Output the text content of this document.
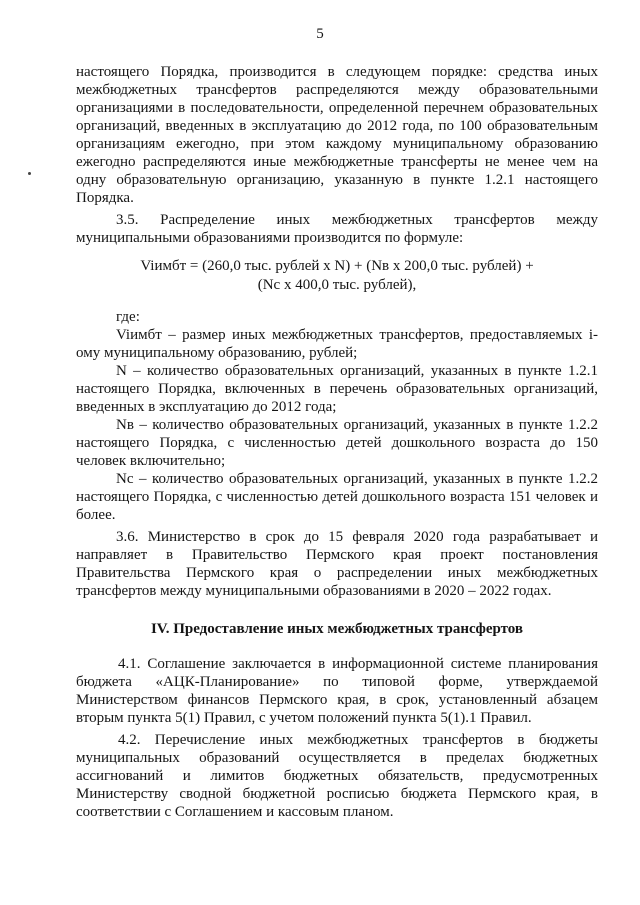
5

настоящего Порядка, производится в следующем порядке: средства иных межбюджетных трансфертов распределяются между образовательными организациями в последовательности, определенной перечнем образовательных организаций, введенных в эксплуатацию до 2012 года, по 100 образовательным организациям ежегодно, при этом каждому муниципальному образованию ежегодно распределяются иные межбюджетные трансферты не менее чем на одну образовательную организацию, указанную в пункте 1.2.1 настоящего Порядка.

3.5. Распределение иных межбюджетных трансфертов между муниципальными образованиями производится по формуле:

Viимбт = (260,0 тыс. рублей х N) + (Nв х 200,0 тыс. рублей) +
(Nс х 400,0 тыс. рублей),

где:

Viимбт – размер иных межбюджетных трансфертов, предоставляемых i-ому муниципальному образованию, рублей;

N – количество образовательных организаций, указанных в пункте 1.2.1 настоящего Порядка, включенных в перечень образовательных организаций, введенных в эксплуатацию до 2012 года;

Nв – количество образовательных организаций, указанных в пункте 1.2.2 настоящего Порядка, с численностью детей дошкольного возраста до 150 человек включительно;

Nс – количество образовательных организаций, указанных в пункте 1.2.2 настоящего Порядка, с численностью детей дошкольного возраста 151 человек и более.

3.6. Министерство в срок до 15 февраля 2020 года разрабатывает и направляет в Правительство Пермского края проект постановления Правительства Пермского края о распределении иных межбюджетных трансфертов между муниципальными образованиями в 2020 – 2022 годах.

IV. Предоставление иных межбюджетных трансфертов

4.1. Соглашение заключается в информационной системе планирования бюджета «АЦК-Планирование» по типовой форме, утверждаемой Министерством финансов Пермского края, в срок, установленный абзацем вторым пункта 5(1) Правил, с учетом положений пункта 5(1).1 Правил.

4.2. Перечисление иных межбюджетных трансфертов в бюджеты муниципальных образований осуществляется в пределах бюджетных ассигнований и лимитов бюджетных обязательств, предусмотренных Министерству сводной бюджетной росписью бюджета Пермского края, в соответствии с Соглашением и кассовым планом.
